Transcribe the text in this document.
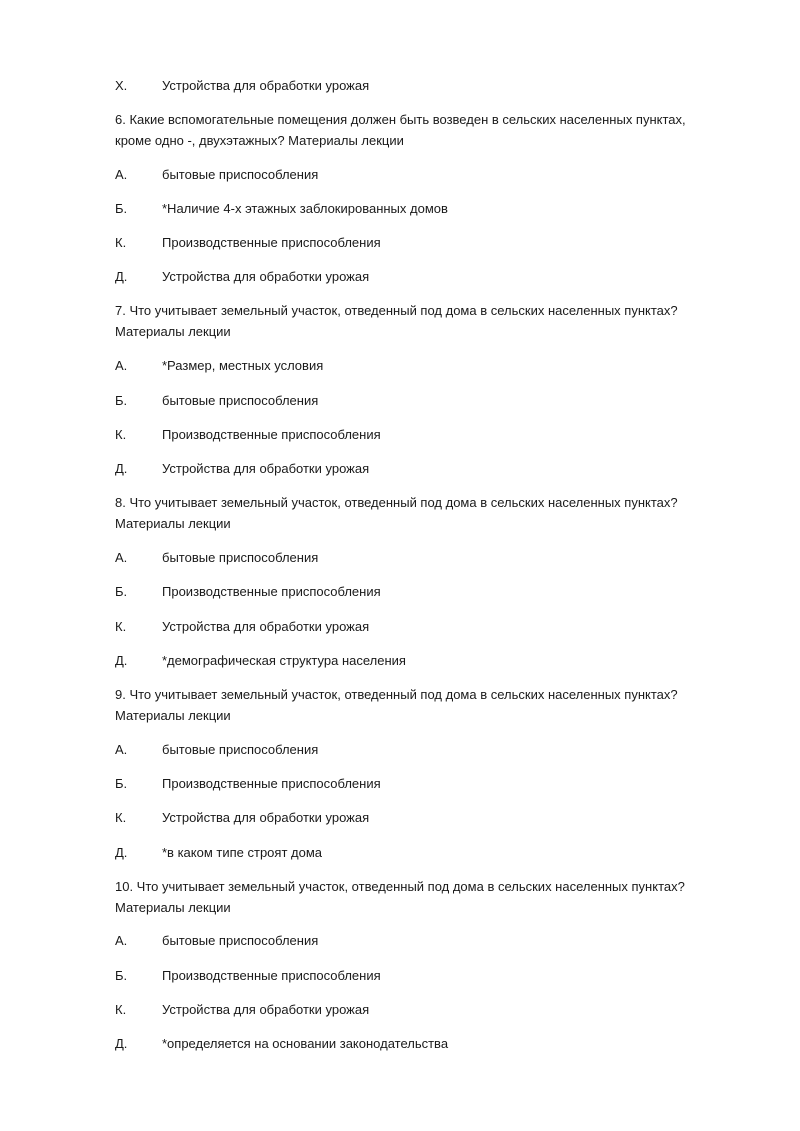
Х.	Устройства для обработки урожая
6. Какие вспомогательные помещения должен быть возведен в сельских населенных пунктах, кроме одно -, двухэтажных? Материалы лекции
А.	бытовые приспособления
Б.	*Наличие 4-х этажных заблокированных домов
К.	Производственные приспособления
Д.	Устройства для обработки урожая
7. Что учитывает земельный участок, отведенный под дома в сельских населенных пунктах? Материалы лекции
А.	*Размер, местных условия
Б.	бытовые приспособления
К.	Производственные приспособления
Д.	Устройства для обработки урожая
8. Что учитывает земельный участок, отведенный под дома в сельских населенных пунктах? Материалы лекции
А.	бытовые приспособления
Б.	Производственные приспособления
К.	Устройства для обработки урожая
Д.	*демографическая структура населения
9. Что учитывает земельный участок, отведенный под дома в сельских населенных пунктах? Материалы лекции
А.	бытовые приспособления
Б.	Производственные приспособления
К.	Устройства для обработки урожая
Д.	*в каком типе строят дома
10. Что учитывает земельный участок, отведенный под дома в сельских населенных пунктах? Материалы лекции
А.	бытовые приспособления
Б.	Производственные приспособления
К.	Устройства для обработки урожая
Д.	*определяется на основании законодательства
